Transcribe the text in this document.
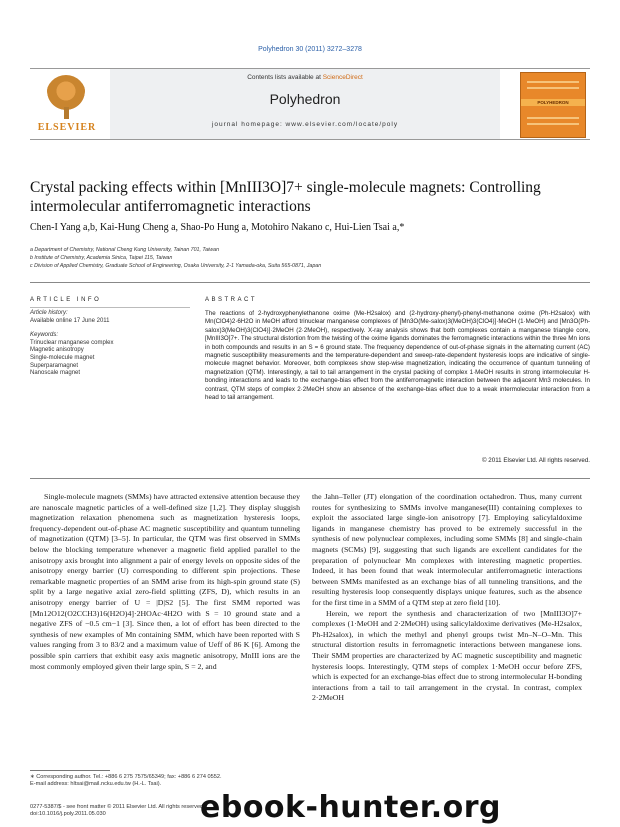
Polyhedron 30 (2011) 3272–3278
ELSEVIER
Contents lists available at ScienceDirect
Polyhedron
journal homepage: www.elsevier.com/locate/poly
POLYHEDRON
Crystal packing effects within [MnIII3O]7+ single-molecule magnets: Controlling intermolecular antiferromagnetic interactions
Chen-I Yang a,b, Kai-Hung Cheng a, Shao-Po Hung a, Motohiro Nakano c, Hui-Lien Tsai a,*
a Department of Chemistry, National Cheng Kung University, Tainan 701, Taiwan
b Institute of Chemistry, Academia Sinica, Taipei 115, Taiwan
c Division of Applied Chemistry, Graduate School of Engineering, Osaka University, 2-1 Yamada-oka, Suita 565-0871, Japan
ARTICLE INFO	ABSTRACT
Article history:
Available online 17 June 2011
Keywords:
Trinuclear manganese complex
Magnetic anisotropy
Single-molecule magnet
Superparamagnet
Nanoscale magnet
The reactions of 2-hydroxyphenylethanone oxime (Me-H2salox) and (2-hydroxy-phenyl)-phenyl-methanone oxime (Ph-H2salox) with Mn(ClO4)2·6H2O in MeOH afford trinuclear manganese complexes of [Mn3O(Me-salox)3(MeOH)3(ClO4)]·MeOH (1·MeOH) and [Mn3O(Ph-salox)3(MeOH)3(ClO4)]·2MeOH (2·2MeOH), respectively. X-ray analysis shows that both complexes contain a manganese triangle core, [MnIII3O]7+. The structural distortion from the twisting of the oxime ligands dominates the ferromagnetic interactions within the three Mn ions in both compounds and results in an S = 6 ground state. The frequency dependence of out-of-phase signals in the alternating current (AC) magnetic susceptibility measurements and the temperature-dependent and sweep-rate-dependent hysteresis loops are indicative of single-molecule magnet behavior. Moreover, both complexes show step-wise magnetization, indicating the occurrence of quantum tunneling of magnetization (QTM). Interestingly, a tail to tail arrangement in the crystal packing of complex 1·MeOH results in strong intermolecular H-bonding interactions and leads to the exchange-bias effect from the antiferromagnetic interaction between the adjacent Mn3 molecules. In contrast, QTM steps of complex 2·2MeOH show an absence of the exchange-bias effect due to a weak intermolecular interaction from a head to tail arrangement.
© 2011 Elsevier Ltd. All rights reserved.

Single-molecule magnets (SMMs) have attracted extensive attention because they are nanoscale magnetic particles of a well-defined size [1,2]. They display sluggish magnetization relaxation phenomena such as magnetization hysteresis loops, frequency-dependent out-of-phase AC magnetic susceptibility and quantum tunneling of magnetization (QTM) [3–5]. In particular, the QTM was first observed in SMMs below the blocking temperature whenever a magnetic field applied parallel to the anisotropy axis brought into alignment a pair of energy levels on opposite sides of the anisotropy energy barrier (U) corresponding to different spin projections. These remarkable magnetic properties of an SMM arise from its high-spin ground state (S) split by a large negative axial zero-field splitting (ZFS, D), which results in an anisotropy energy barrier of U = |D|S2 [5]. The first SMM reported was [Mn12O12(O2CCH3)16(H2O)4]·2HOAc·4H2O with S = 10 ground state and a negative ZFS of −0.5 cm−1 [3]. Since then, a lot of effort has been directed to the synthesis of new examples of Mn containing SMM, which have been reported with S values ranging from 3 to 83/2 and a maximum value of Ueff of 86 K [6]. Among the possible spin carriers that exhibit easy axis magnetic anisotropy, MnIII ions are the most commonly employed given their large spin, S = 2, and

the Jahn–Teller (JT) elongation of the coordination octahedron. Thus, many current routes for synthesizing to SMMs involve manganese(III) containing complexes to exploit the associated large single-ion anisotropy [7]. Employing salicylaldoxime ligands in manganese chemistry has proved to be extremely successful in the synthesis of new polynuclear complexes, including some SMMs [8] and single-chain magnets (SCMs) [9], suggesting that such ligands are excellent candidates for the preparation of polynuclear Mn complexes with interesting magnetic properties. Indeed, it has been found that weak intermolecular antiferromagnetic interactions between SMMs manifested as an exchange bias of all tunneling transitions, and the resulting hysteresis loop consequently displays unique features, such as the absence for the first time in a SMM of a QTM step at zero field [10].

Herein, we report the synthesis and characterization of two [MnIII3O]7+ complexes (1·MeOH and 2·2MeOH) using salicylaldoxime derivatives (Me-H2salox, Ph-H2salox), in which the methyl and phenyl groups twist Mn–N–O–Mn. This structural distortion results in ferromagnetic interactions between manganese ions. Their SMM properties are characterized by AC magnetic susceptibility and magnetic hysteresis loops. Interestingly, QTM steps of complex 1·MeOH occur before ZFS, which is expected for an exchange-bias effect due to strong intermolecular H-bonding interactions from a tail to tail arrangement in the crystal. In contrast, complex 2·2MeOH

∗ Corresponding author. Tel.: +886 6 275 7575/65349; fax: +886 6 274 0552.
E-mail address: hltsai@mail.ncku.edu.tw (H.-L. Tsai).
0277-5387/$ - see front matter © 2011 Elsevier Ltd. All rights reserved.
doi:10.1016/j.poly.2011.05.030	ebook-hunter.org
